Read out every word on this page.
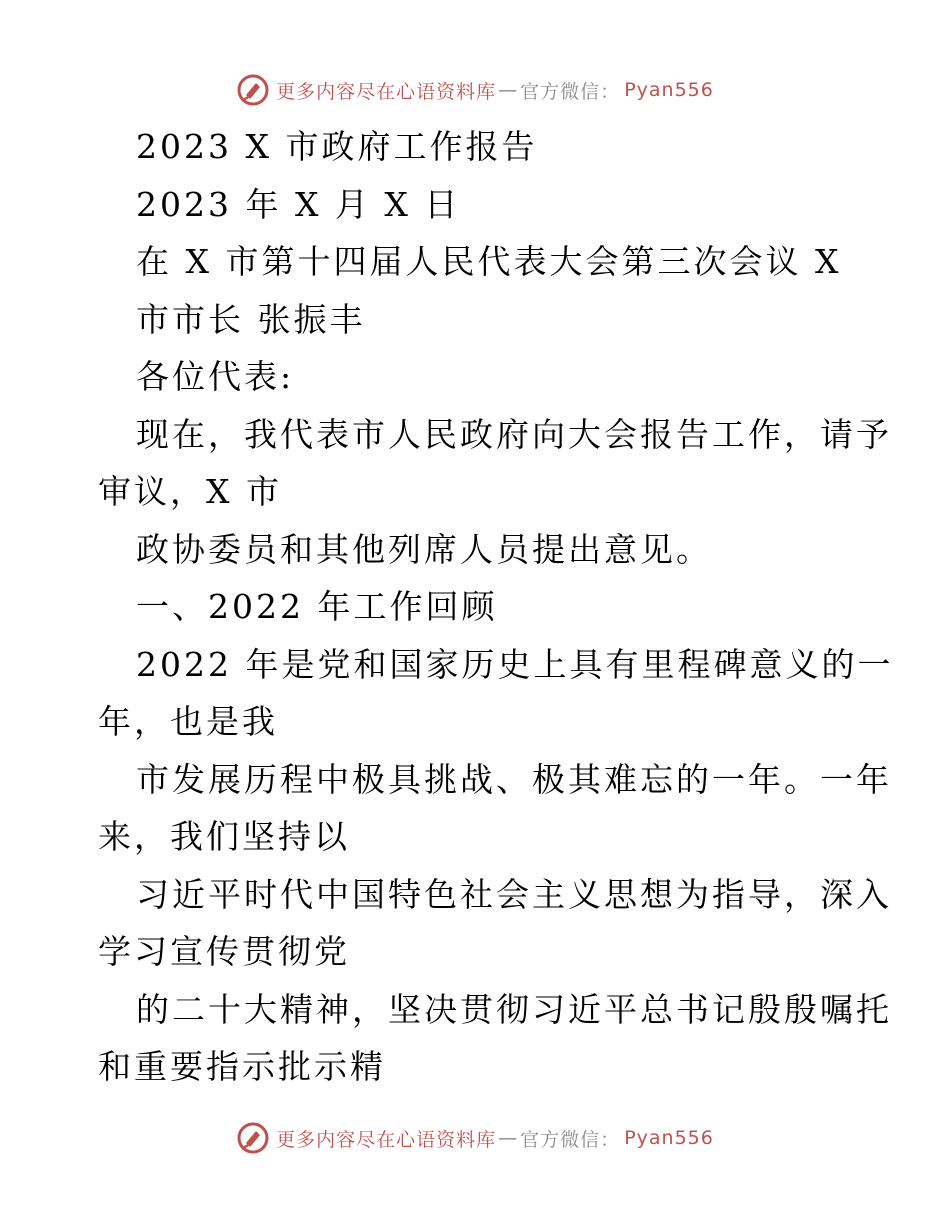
更多内容尽在心语资料库 — 官方微信： Pyan556
2023 X 市政府工作报告
2023 年 X 月 X 日
在 X 市第十四届人民代表大会第三次会议 X
市市长 张振丰
各位代表:
现在，我代表市人民政府向大会报告工作，请予
审议，X 市
政协委员和其他列席人员提出意见。
一、2022 年工作回顾
2022 年是党和国家历史上具有里程碑意义的一
年，也是我
市发展历程中极具挑战、极其难忘的一年。一年
来，我们坚持以
习近平时代中国特色社会主义思想为指导，深入
学习宣传贯彻党
的二十大精神，坚决贯彻习近平总书记殷殷嘱托
和重要指示批示精
更多内容尽在心语资料库 — 官方微信： Pyan556
